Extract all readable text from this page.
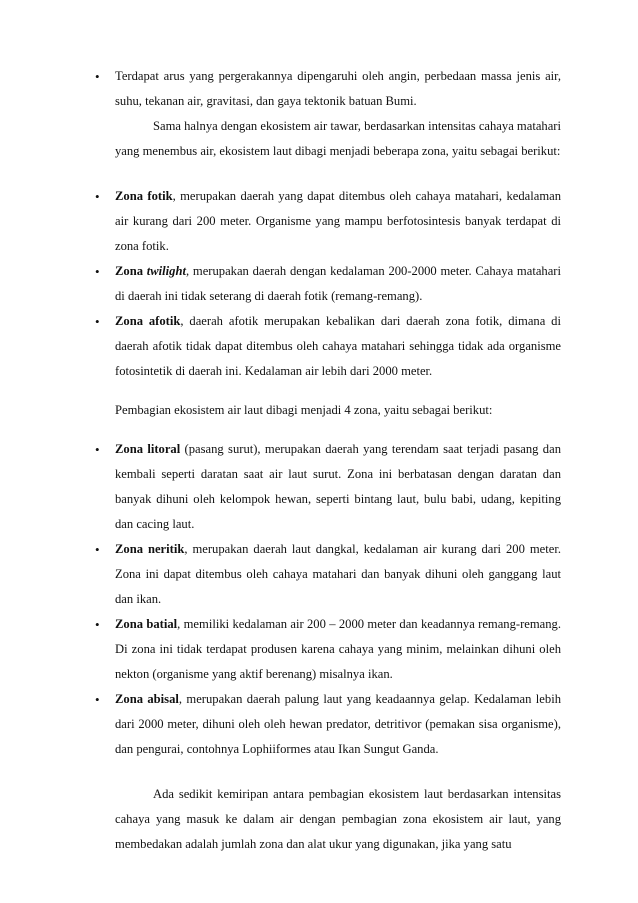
• Terdapat arus yang pergerakannya dipengaruhi oleh angin, perbedaan massa jenis air, suhu, tekanan air, gravitasi, dan gaya tektonik batuan Bumi.

Sama halnya dengan ekosistem air tawar, berdasarkan intensitas cahaya matahari yang menembus air, ekosistem laut dibagi menjadi beberapa zona, yaitu sebagai berikut:

• Zona fotik, merupakan daerah yang dapat ditembus oleh cahaya matahari, kedalaman air kurang dari 200 meter. Organisme yang mampu berfotosintesis banyak terdapat di zona fotik.

• Zona twilight, merupakan daerah dengan kedalaman 200-2000 meter. Cahaya matahari di daerah ini tidak seterang di daerah fotik (remang-remang).

• Zona afotik, daerah afotik merupakan kebalikan dari daerah zona fotik, dimana di daerah afotik tidak dapat ditembus oleh cahaya matahari sehingga tidak ada organisme fotosintetik di daerah ini. Kedalaman air lebih dari 2000 meter.

Pembagian ekosistem air laut dibagi menjadi 4 zona, yaitu sebagai berikut:

• Zona litoral (pasang surut), merupakan daerah yang terendam saat terjadi pasang dan kembali seperti daratan saat air laut surut. Zona ini berbatasan dengan daratan dan banyak dihuni oleh kelompok hewan, seperti bintang laut, bulu babi, udang, kepiting dan cacing laut.

• Zona neritik, merupakan daerah laut dangkal, kedalaman air kurang dari 200 meter. Zona ini dapat ditembus oleh cahaya matahari dan banyak dihuni oleh ganggang laut dan ikan.

• Zona batial, memiliki kedalaman air 200 – 2000 meter dan keadannya remang-remang. Di zona ini tidak terdapat produsen karena cahaya yang minim, melainkan dihuni oleh nekton (organisme yang aktif berenang) misalnya ikan.

• Zona abisal, merupakan daerah palung laut yang keadaannya gelap. Kedalaman lebih dari 2000 meter, dihuni oleh oleh hewan predator, detritivor (pemakan sisa organisme), dan pengurai, contohnya Lophiiformes atau Ikan Sungut Ganda.

Ada sedikit kemiripan antara pembagian ekosistem laut berdasarkan intensitas cahaya yang masuk ke dalam air dengan pembagian zona ekosistem air laut, yang membedakan adalah jumlah zona dan alat ukur yang digunakan, jika yang satu
